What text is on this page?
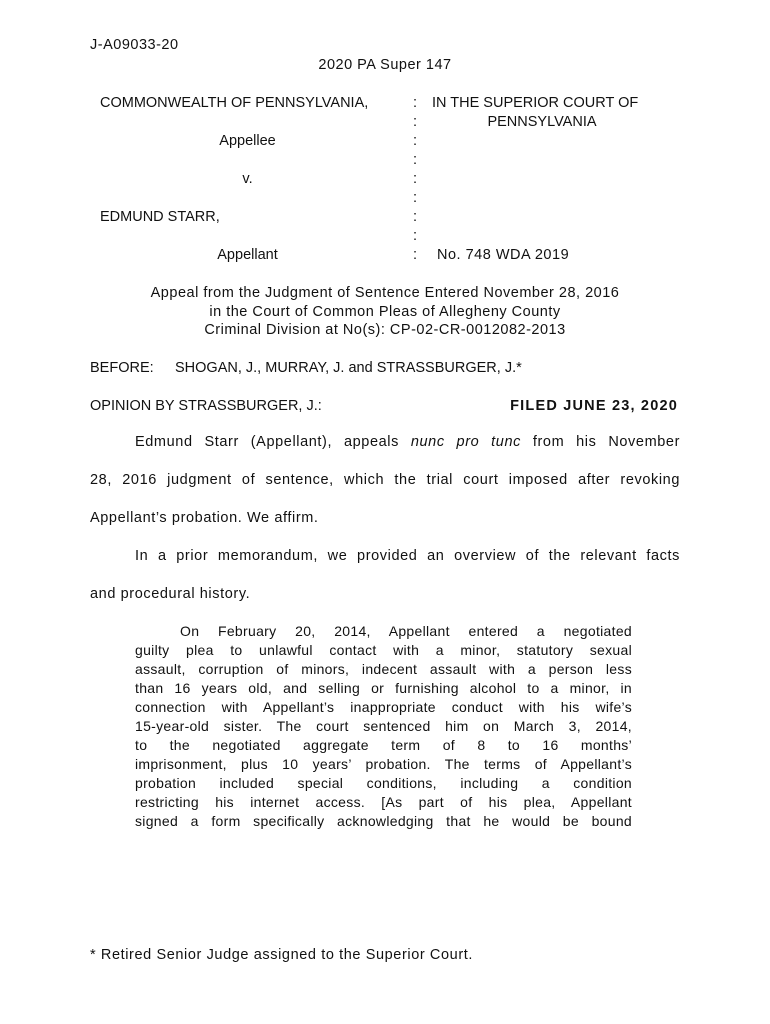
J-A09033-20
2020 PA Super 147
COMMONWEALTH OF PENNSYLVANIA,
Appellee
v.
EDMUND STARR,
Appellant
:
:
:
:
:
:
:
:
:
IN THE SUPERIOR COURT OF
PENNSYLVANIA
No. 748 WDA 2019
Appeal from the Judgment of Sentence Entered November 28, 2016
in the Court of Common Pleas of Allegheny County
Criminal Division at No(s): CP-02-CR-0012082-2013
BEFORE: SHOGAN, J., MURRAY, J. and STRASSBURGER, J.*
OPINION BY STRASSBURGER, J.:	FILED JUNE 23, 2020
Edmund Starr (Appellant), appeals nunc pro tunc from his November
28, 2016 judgment of sentence, which the trial court imposed after revoking
Appellant’s probation. We affirm.
In a prior memorandum, we provided an overview of the relevant facts
and procedural history.
On February 20, 2014, Appellant entered a negotiated
guilty plea to unlawful contact with a minor, statutory sexual
assault, corruption of minors, indecent assault with a person less
than 16 years old, and selling or furnishing alcohol to a minor, in
connection with Appellant’s inappropriate conduct with his wife’s
15-year-old sister. The court sentenced him on March 3, 2014,
to the negotiated aggregate term of 8 to 16 months’
imprisonment, plus 10 years’ probation. The terms of Appellant’s
probation included special conditions, including a condition
restricting his internet access. [As part of his plea, Appellant
signed a form specifically acknowledging that he would be bound
* Retired Senior Judge assigned to the Superior Court.
